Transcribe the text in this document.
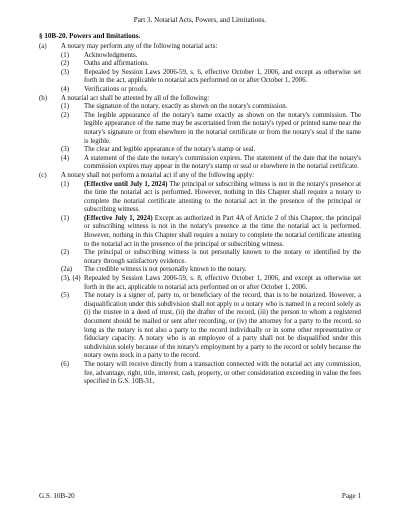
Part 3. Notarial Acts, Powers, and Limitations.
§ 10B-20. Powers and limitations.
(a) A notary may perform any of the following notarial acts:
(1) Acknowledgments.
(2) Oaths and affirmations.
(3) Repealed by Session Laws 2006-59, s. 6, effective October 1, 2006, and except as otherwise set forth in the act, applicable to notarial acts performed on or after October 1, 2006.
(4) Verifications or proofs.
(b) A notarial act shall be attested by all of the following:
(1) The signature of the notary, exactly as shown on the notary's commission.
(2) The legible appearance of the notary's name exactly as shown on the notary's commission. The legible appearance of the name may be ascertained from the notary's typed or printed name near the notary's signature or from elsewhere in the notarial certificate or from the notary's seal if the name is legible.
(3) The clear and legible appearance of the notary's stamp or seal.
(4) A statement of the date the notary's commission expires. The statement of the date that the notary's commission expires may appear in the notary's stamp or seal or elsewhere in the notarial certificate.
(c) A notary shall not perform a notarial act if any of the following apply:
(1) (Effective until July 1, 2024) The principal or subscribing witness is not in the notary's presence at the time the notarial act is performed. However, nothing in this Chapter shall require a notary to complete the notarial certificate attesting to the notarial act in the presence of the principal or subscribing witness.
(1) (Effective July 1, 2024) Except as authorized in Part 4A of Article 2 of this Chapter, the principal or subscribing witness is not in the notary's presence at the time the notarial act is performed. However, nothing in this Chapter shall require a notary to complete the notarial certificate attesting to the notarial act in the presence of the principal or subscribing witness.
(2) The principal or subscribing witness is not personally known to the notary or identified by the notary through satisfactory evidence.
(2a) The credible witness is not personally known to the notary.
(3), (4) Repealed by Session Laws 2006-59, s. 8, effective October 1, 2006, and except as otherwise set forth in the act, applicable to notarial acts performed on or after October 1, 2006.
(5) The notary is a signer of, party to, or beneficiary of the record, that is to be notarized. However, a disqualification under this subdivision shall not apply to a notary who is named in a record solely as (i) the trustee in a deed of trust, (ii) the drafter of the record, (iii) the person to whom a registered document should be mailed or sent after recording, or (iv) the attorney for a party to the record, so long as the notary is not also a party to the record individually or in some other representative or fiduciary capacity. A notary who is an employee of a party shall not be disqualified under this subdivision solely because of the notary's employment by a party to the record or solely because the notary owns stock in a party to the record.
(6) The notary will receive directly from a transaction connected with the notarial act any commission, fee, advantage, right, title, interest, cash, property, or other consideration exceeding in value the fees specified in G.S. 10B-31,
G.S. 10B-20	Page 1
